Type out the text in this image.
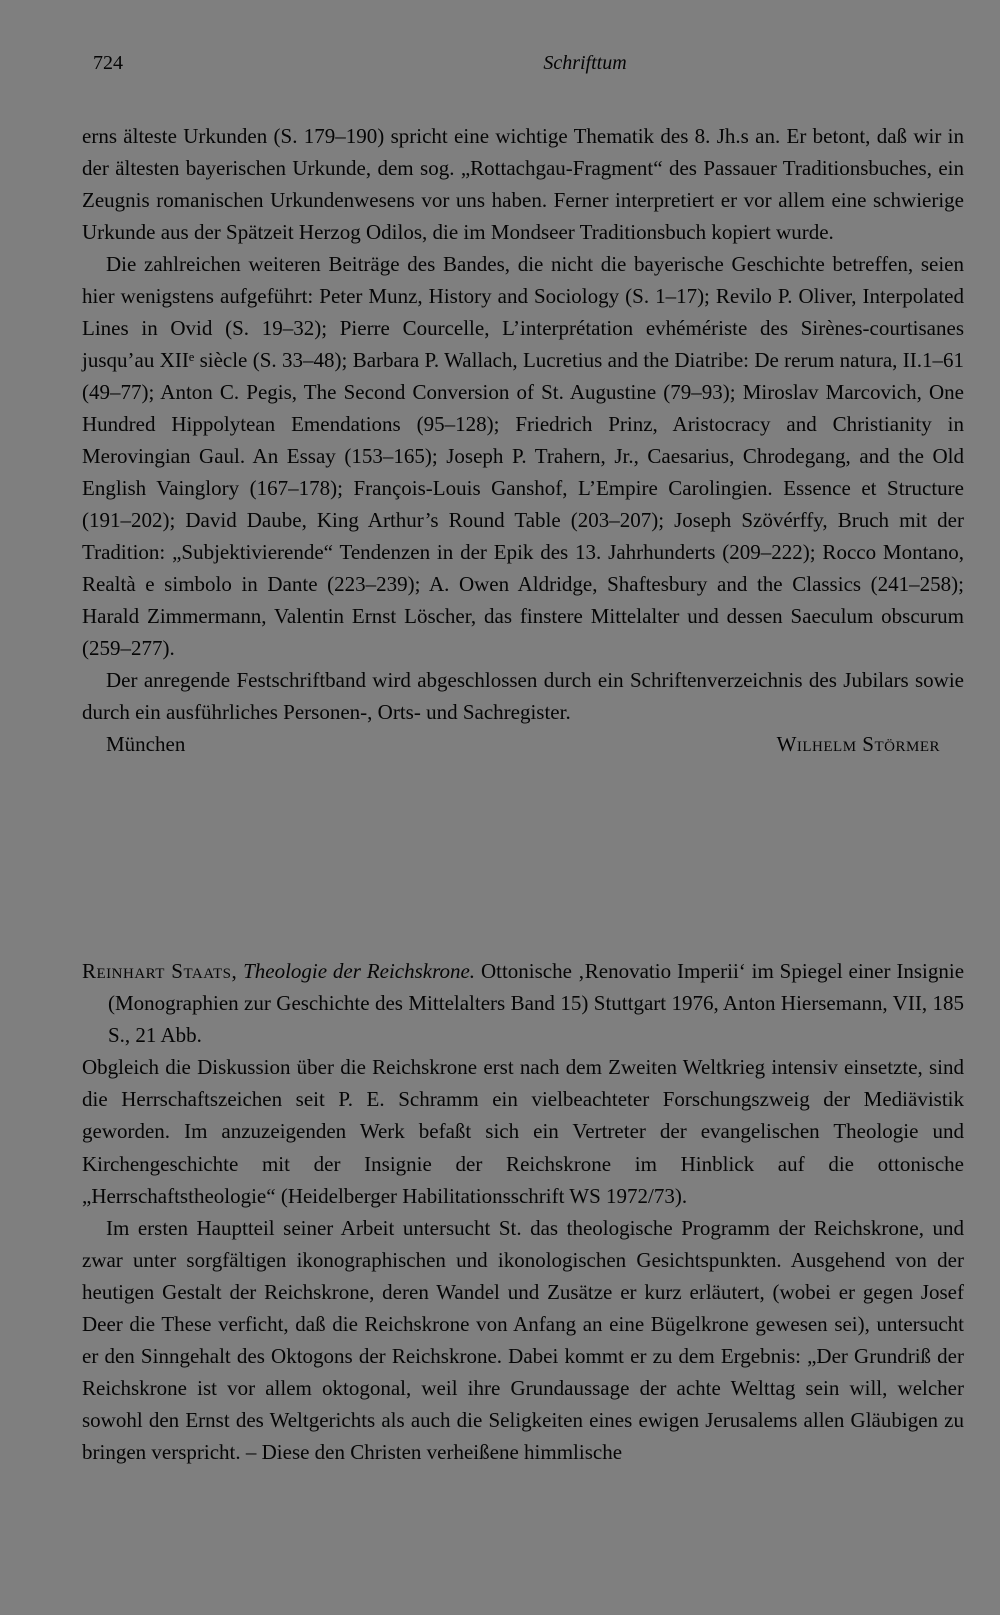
724	Schrifttum

erns älteste Urkunden (S. 179–190) spricht eine wichtige Thematik des 8. Jh.s an. Er betont, daß wir in der ältesten bayerischen Urkunde, dem sog. „Rottachgau-Fragment“ des Passauer Traditionsbuches, ein Zeugnis romanischen Urkundenwesens vor uns haben. Ferner interpretiert er vor allem eine schwierige Urkunde aus der Spätzeit Herzog Odilos, die im Mondseer Traditionsbuch kopiert wurde.

Die zahlreichen weiteren Beiträge des Bandes, die nicht die bayerische Geschichte betreffen, seien hier wenigstens aufgeführt: Peter Munz, History and Sociology (S. 1–17); Revilo P. Oliver, Interpolated Lines in Ovid (S. 19–32); Pierre Courcelle, L’interprétation evhémériste des Sirènes-courtisanes jusqu’au XIIᵉ siècle (S. 33–48); Barbara P. Wallach, Lucretius and the Diatribe: De rerum natura, II.1–61 (49–77); Anton C. Pegis, The Second Conversion of St. Augustine (79–93); Miroslav Marcovich, One Hundred Hippolytean Emendations (95–128); Friedrich Prinz, Aristocracy and Christianity in Merovingian Gaul. An Essay (153–165); Joseph P. Trahern, Jr., Caesarius, Chrodegang, and the Old English Vainglory (167–178); François-Louis Ganshof, L’Empire Carolingien. Essence et Structure (191–202); David Daube, King Arthur’s Round Table (203–207); Joseph Szövérffy, Bruch mit der Tradition: „Subjektivierende“ Tendenzen in der Epik des 13. Jahrhunderts (209–222); Rocco Montano, Realtà e simbolo in Dante (223–239); A. Owen Aldridge, Shaftesbury and the Classics (241–258); Harald Zimmermann, Valentin Ernst Löscher, das finstere Mittelalter und dessen Saeculum obscurum (259–277).

Der anregende Festschriftband wird abgeschlossen durch ein Schriftenverzeichnis des Jubilars sowie durch ein ausführliches Personen-, Orts- und Sachregister.

München	Wilhelm Störmer

Reinhart Staats, Theologie der Reichskrone. Ottonische ‚Renovatio Imperii‘ im Spiegel einer Insignie (Monographien zur Geschichte des Mittelalters Band 15) Stuttgart 1976, Anton Hiersemann, VII, 185 S., 21 Abb.

Obgleich die Diskussion über die Reichskrone erst nach dem Zweiten Weltkrieg intensiv einsetzte, sind die Herrschaftszeichen seit P. E. Schramm ein vielbeachteter Forschungszweig der Mediävistik geworden. Im anzuzeigenden Werk befaßt sich ein Vertreter der evangelischen Theologie und Kirchengeschichte mit der Insignie der Reichskrone im Hinblick auf die ottonische „Herrschaftstheologie“ (Heidelberger Habilitationsschrift WS 1972/73).

Im ersten Hauptteil seiner Arbeit untersucht St. das theologische Programm der Reichskrone, und zwar unter sorgfältigen ikonographischen und ikonologischen Gesichtspunkten. Ausgehend von der heutigen Gestalt der Reichskrone, deren Wandel und Zusätze er kurz erläutert, (wobei er gegen Josef Deer die These verficht, daß die Reichskrone von Anfang an eine Bügelkrone gewesen sei), untersucht er den Sinngehalt des Oktogons der Reichskrone. Dabei kommt er zu dem Ergebnis: „Der Grundriß der Reichskrone ist vor allem oktogonal, weil ihre Grundaussage der achte Welttag sein will, welcher sowohl den Ernst des Weltgerichts als auch die Seligkeiten eines ewigen Jerusalems allen Gläubigen zu bringen verspricht. – Diese den Christen verheißene himmlische
